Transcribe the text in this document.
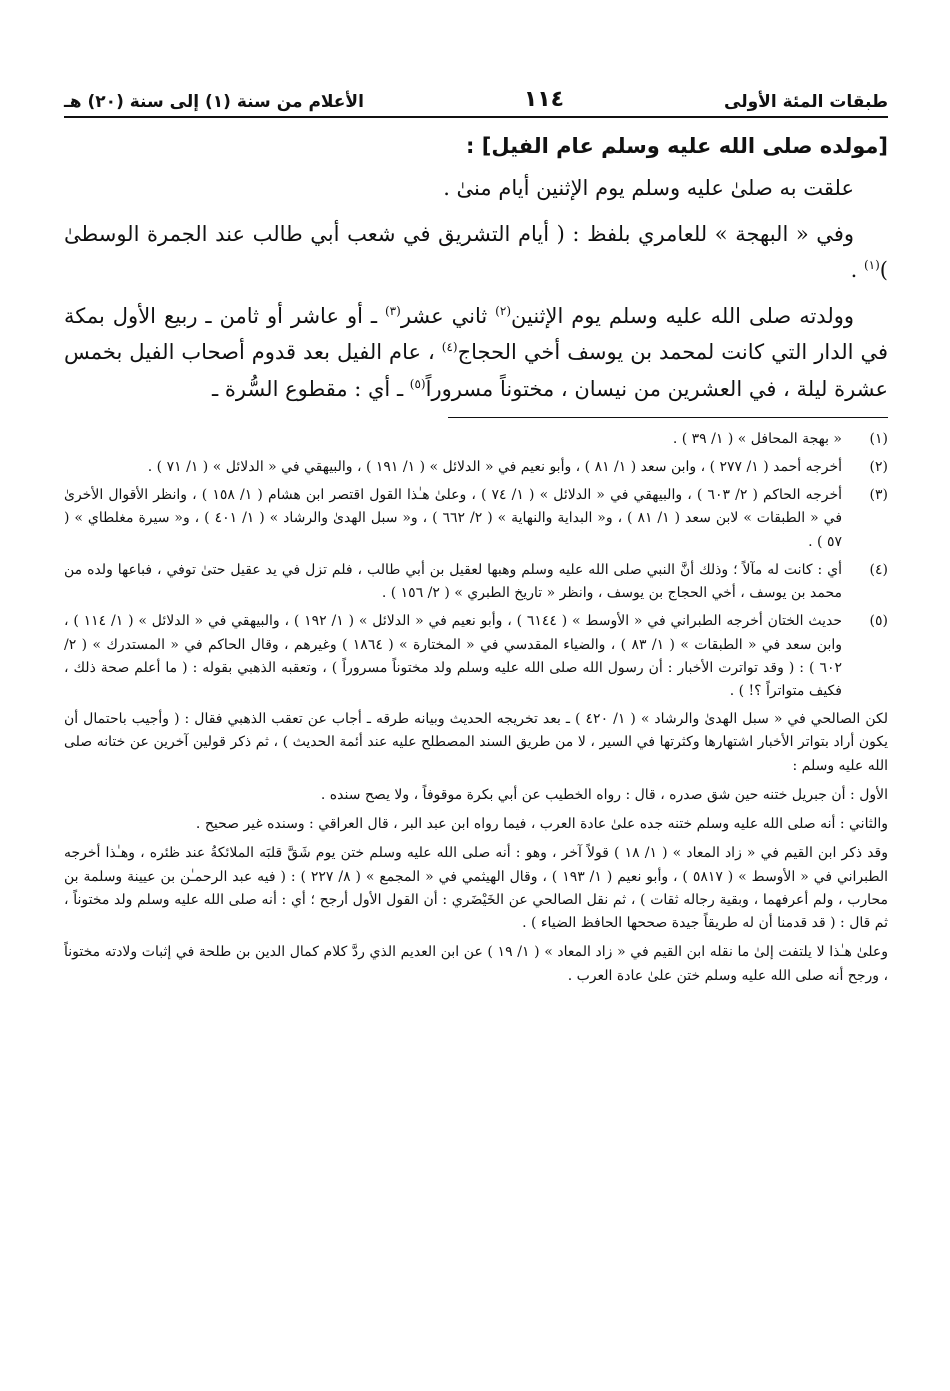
طبقات المئة الأولى
١١٤
الأعلام من سنة (١) إلى سنة (٢٠) هـ
[مولده صلى الله عليه وسلم عام الفيل] :

علقت به صلىٰ عليه وسلم يوم الإثنين أيام منىٰ .

وفي « البهجة » للعامري بلفظ : ( أيام التشريق في شعب أبي طالب عند الجمرة الوسطىٰ )$^{(١)}$ .

وولدته صلى الله عليه وسلم يوم الإثنين$^{(٢)}$ ثاني عشر$^{(٣)}$ ـ أو عاشر أو ثامن ـ ربيع الأول بمكة في الدار التي كانت لمحمد بن يوسف أخي الحجاج$^{(٤)}$ ، عام الفيل بعد قدوم أصحاب الفيل بخمس عشرة ليلة ، في العشرين من نيسان ، مختوناً مسروراً$^{(٥)}$ ـ أي : مقطوع السُّرة ـ

(١)
« بهجة المحافل » ( ١/ ٣٩ ) .
(٢)
أخرجه أحمد ( ١/ ٢٧٧ ) ، وابن سعد ( ١/ ٨١ ) ، وأبو نعيم في « الدلائل » ( ١/ ١٩١ ) ، والبيهقي في « الدلائل » ( ١/ ٧١ ) .
(٣)
أخرجه الحاكم ( ٢/ ٦٠٣ ) ، والبيهقي في « الدلائل » ( ١/ ٧٤ ) ، وعلىٰ هـٰذا القول اقتصر ابن هشام ( ١/ ١٥٨ ) ، وانظر الأقوال الأخرىٰ في « الطبقات » لابن سعد ( ١/ ٨١ ) ، و« البداية والنهاية » ( ٢/ ٦٦٢ ) ، و« سبل الهدىٰ والرشاد » ( ١/ ٤٠١ ) ، و« سيرة مغلطاي » ( ٥٧ ) .
(٤)
أي : كانت له مآلاً ؛ وذلك أنَّ النبي صلى الله عليه وسلم وهبها لعقيل بن أبي طالب ، فلم تزل في يد عقيل حتىٰ توفي ، فباعها ولده من محمد بن يوسف ، أخي الحجاج بن يوسف ، وانظر « تاريخ الطبري » ( ٢/ ١٥٦ ) .
(٥)
حديث الختان أخرجه الطبراني في « الأوسط » ( ٦١٤٤ ) ، وأبو نعيم في « الدلائل » ( ١/ ١٩٢ ) ، والبيهقي في « الدلائل » ( ١/ ١١٤ ) ، وابن سعد في « الطبقات » ( ١/ ٨٣ ) ، والضياء المقدسي في « المختارة » ( ١٨٦٤ ) وغيرهم ، وقال الحاكم في « المستدرك » ( ٢/ ٦٠٢ ) : ( وقد تواترت الأخبار : أن رسول الله صلى الله عليه وسلم ولد مختوناً مسروراً ) ، وتعقبه الذهبي بقوله : ( ما أعلم صحة ذلك ، فكيف متواتراً ؟! ) .

لكن الصالحي في « سبل الهدىٰ والرشاد » ( ١/ ٤٢٠ ) ـ بعد تخريجه الحديث وبيانه طرقه ـ أجاب عن تعقب الذهبي فقال : ( وأجيب باحتمال أن يكون أراد بتواتر الأخبار اشتهارها وكثرتها في السير ، لا من طريق السند المصطلح عليه عند أئمة الحديث ) ، ثم ذكر قولين آخرين عن ختانه صلى الله عليه وسلم :

الأول : أن جبريل ختنه حين شق صدره ، قال : رواه الخطيب عن أبي بكرة موقوفاً ، ولا يصح سنده .

والثاني : أنه صلى الله عليه وسلم ختنه جده علىٰ عادة العرب ، فيما رواه ابن عبد البر ، قال العراقي : وسنده غير صحيح .

وقد ذكر ابن القيم في « زاد المعاد » ( ١/ ١٨ ) قولاً آخر ، وهو : أنه صلى الله عليه وسلم ختن يوم شَقَّ قلبَه الملائكةُ عند ظئره ، وهـٰذا أخرجه الطبراني في « الأوسط » ( ٥٨١٧ ) ، وأبو نعيم ( ١/ ١٩٣ ) ، وقال الهيثمي في « المجمع » ( ٨/ ٢٢٧ ) : ( فيه عبد الرحمـٰن بن عيينة وسلمة بن محارب ، ولم أعرفهما ، وبقية رجاله ثقات ) ، ثم نقل الصالحي عن الخَيْضَري : أن القول الأول أرجح ؛ أي : أنه صلى الله عليه وسلم ولد مختوناً ، ثم قال : ( قد قدمنا أن له طريقاً جيدة صححها الحافظ الضياء ) .

وعلىٰ هـٰذا لا يلتفت إلىٰ ما نقله ابن القيم في « زاد المعاد » ( ١/ ١٩ ) عن ابن العديم الذي ردَّ كلام كمال الدين بن طلحة في إثبات ولادته مختوناً ، ورجح أنه صلى الله عليه وسلم ختن علىٰ عادة العرب .
